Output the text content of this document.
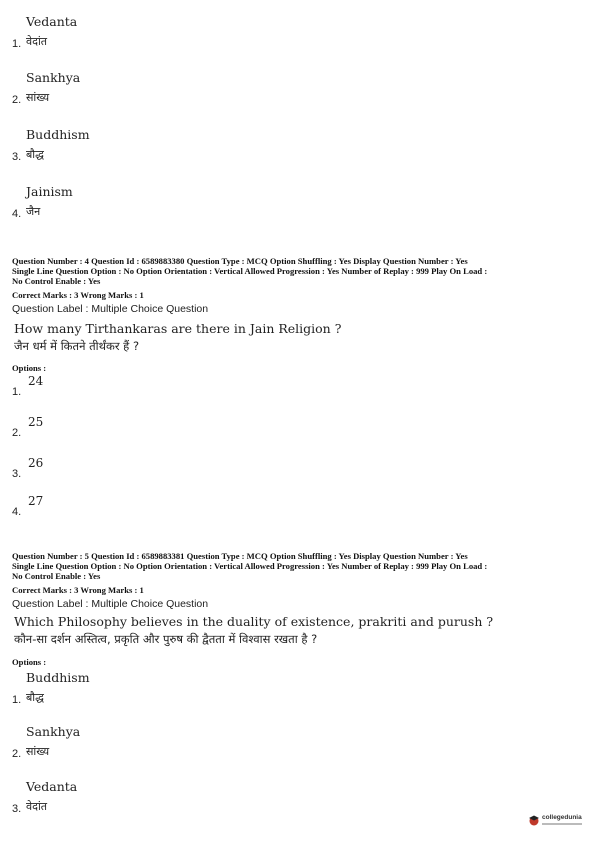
Vedanta
1. वेदांत
Sankhya
2. सांख्य
Buddhism
3. बौद्ध
Jainism
4. जैन
Question Number : 4 Question Id : 6589883380 Question Type : MCQ Option Shuffling : Yes Display Question Number : Yes
Single Line Question Option : No Option Orientation : Vertical Allowed Progression : Yes Number of Replay : 999 Play On Load :
No Control Enable : Yes
Correct Marks : 3 Wrong Marks : 1
Question Label : Multiple Choice Question
How many Tirthankaras are there in Jain Religion ?
जैन धर्म में कितने तीर्थंकर हैं ?
Options :
24
1.
25
2.
26
3.
27
4.
Question Number : 5 Question Id : 6589883381 Question Type : MCQ Option Shuffling : Yes Display Question Number : Yes
Single Line Question Option : No Option Orientation : Vertical Allowed Progression : Yes Number of Replay : 999 Play On Load :
No Control Enable : Yes
Correct Marks : 3 Wrong Marks : 1
Question Label : Multiple Choice Question
Which Philosophy believes in the duality of existence, prakriti and purush ?
कौन-सा दर्शन अस्तित्व, प्रकृति और पुरुष की द्वैतता में विश्वास रखता है ?
Options :
Buddhism
1. बौद्ध
Sankhya
2. सांख्य
Vedanta
3. वेदांत
collegedunia
